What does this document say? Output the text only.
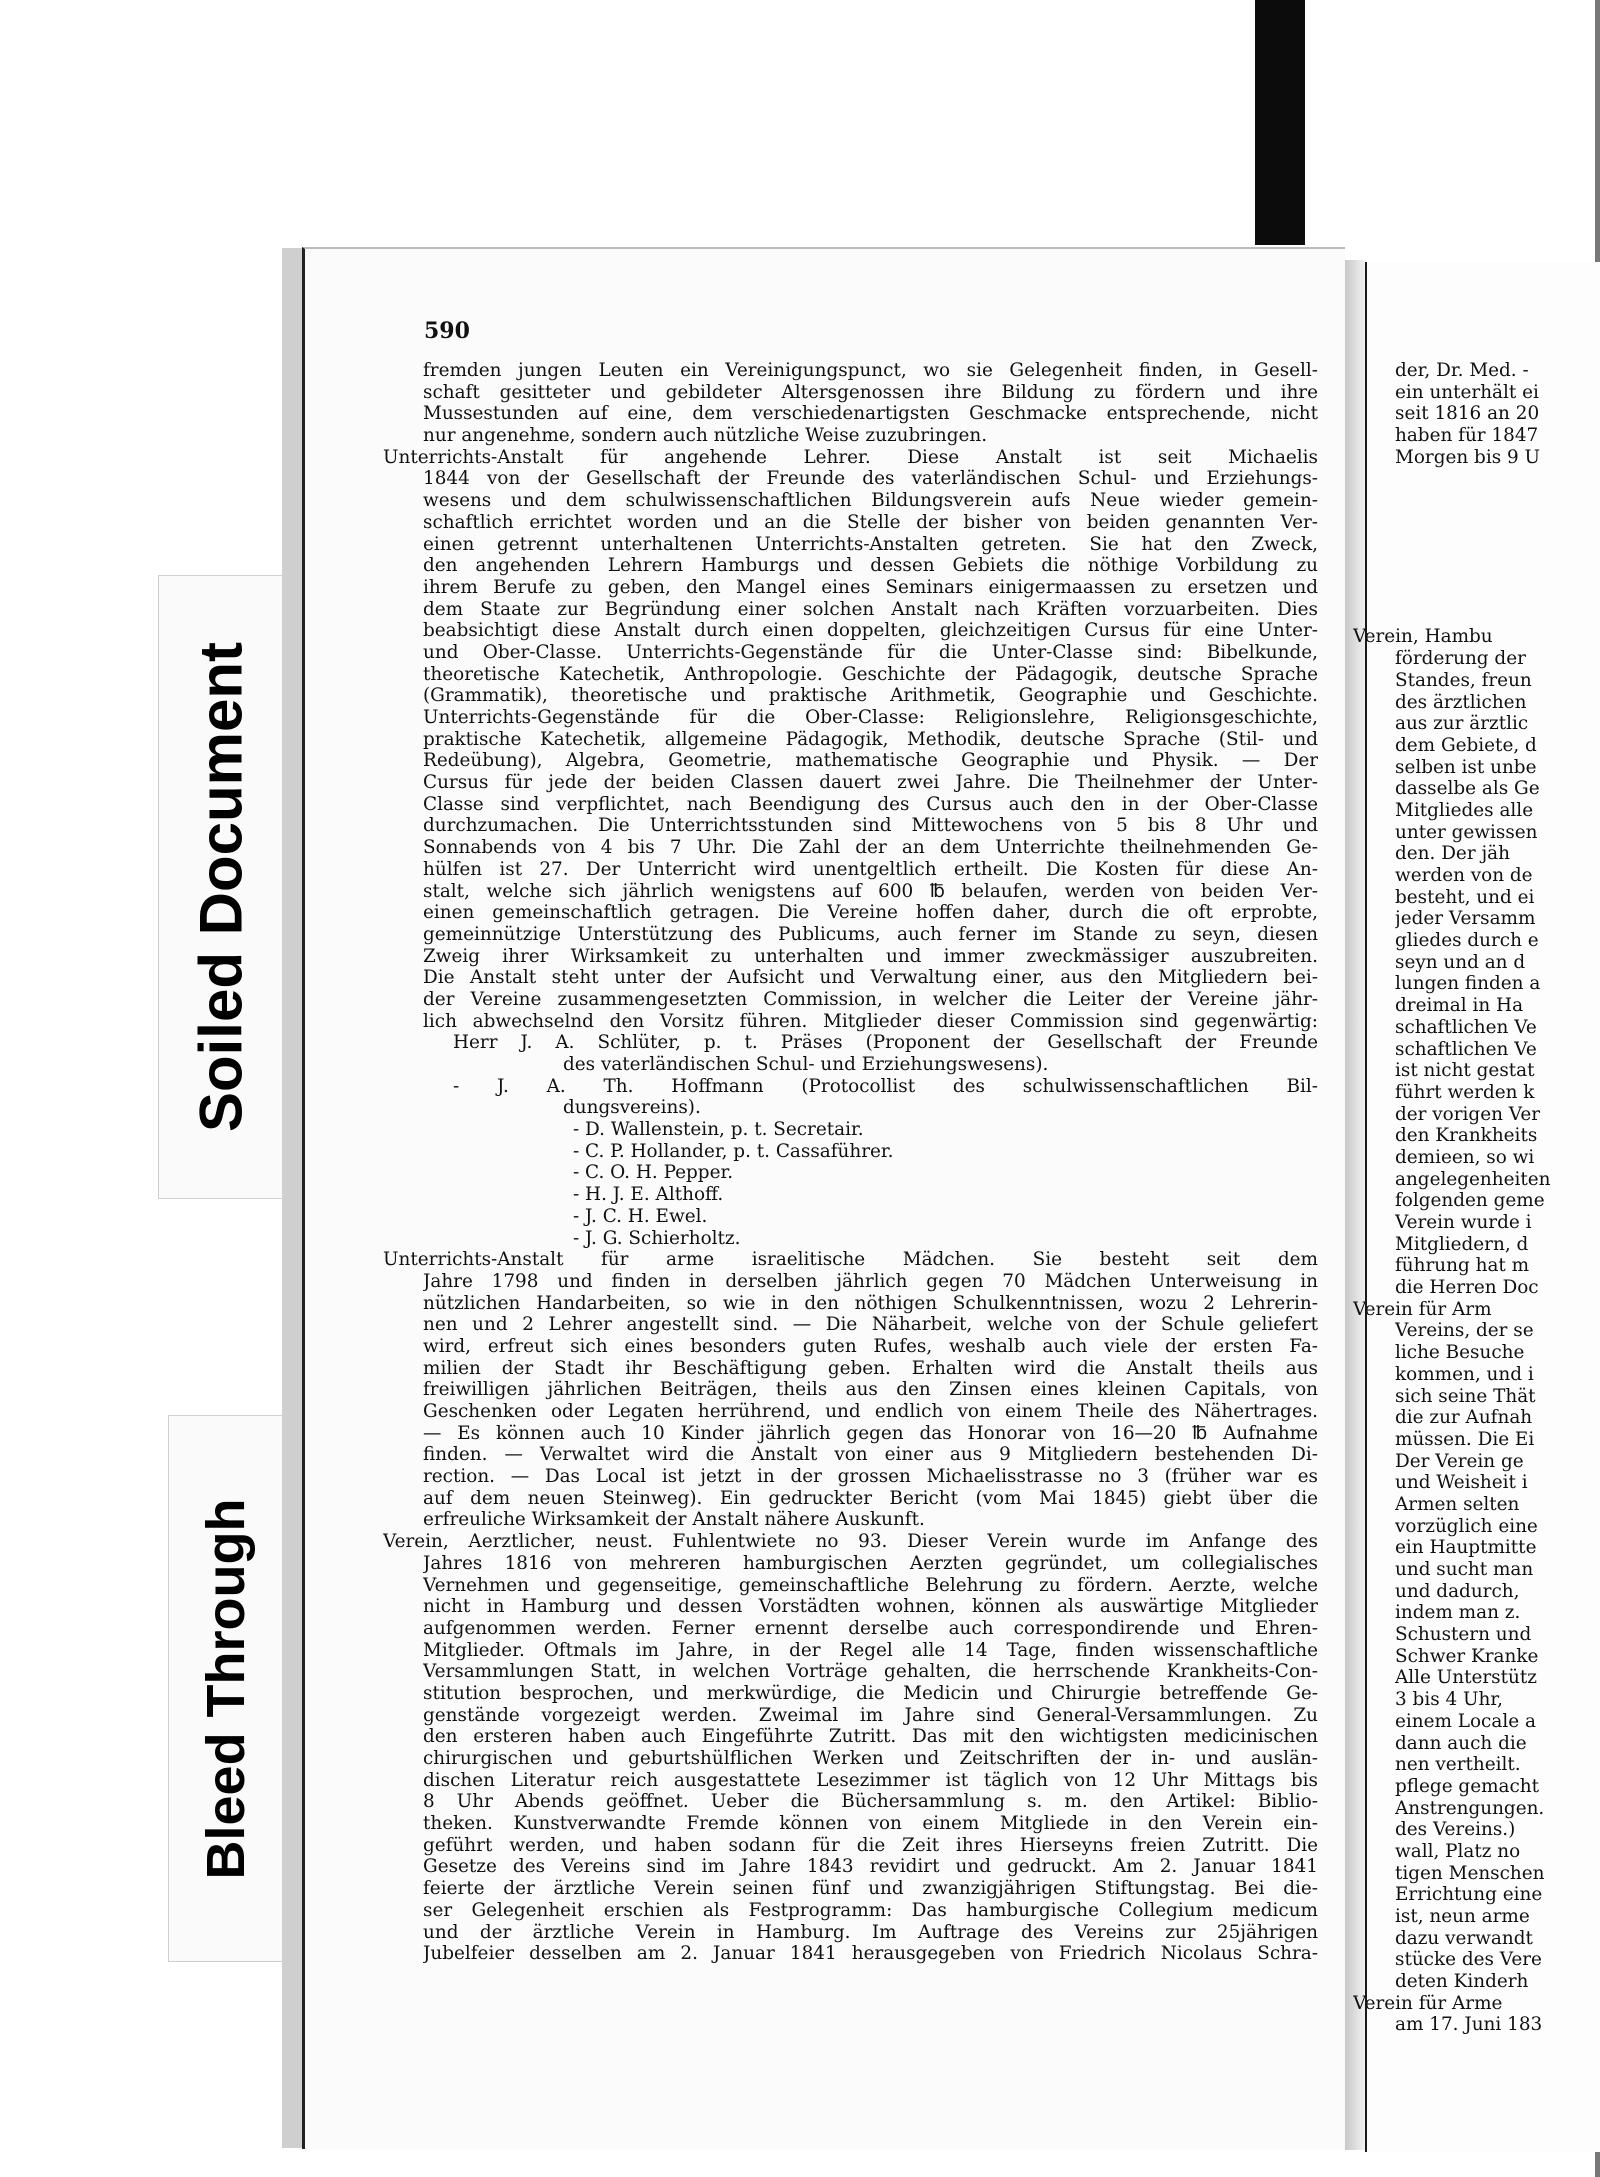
Soiled Document
Bleed Through
590
fremden jungen Leuten ein Vereinigungspunct, wo sie Gelegenheit finden, in Gesell-
schaft gesitteter und gebildeter Altersgenossen ihre Bildung zu fördern und ihre
Mussestunden auf eine, dem verschiedenartigsten Geschmacke entsprechende, nicht
nur angenehme, sondern auch nützliche Weise zuzubringen.
Unterrichts-Anstalt für angehende Lehrer. Diese Anstalt ist seit Michaelis
1844 von der Gesellschaft der Freunde des vaterländischen Schul- und Erziehungs-
wesens und dem schulwissenschaftlichen Bildungsverein aufs Neue wieder gemein-
schaftlich errichtet worden und an die Stelle der bisher von beiden genannten Ver-
einen getrennt unterhaltenen Unterrichts-Anstalten getreten. Sie hat den Zweck,
den angehenden Lehrern Hamburgs und dessen Gebiets die nöthige Vorbildung zu
ihrem Berufe zu geben, den Mangel eines Seminars einigermaassen zu ersetzen und
dem Staate zur Begründung einer solchen Anstalt nach Kräften vorzuarbeiten. Dies
beabsichtigt diese Anstalt durch einen doppelten, gleichzeitigen Cursus für eine Unter-
und Ober-Classe. Unterrichts-Gegenstände für die Unter-Classe sind: Bibelkunde,
theoretische Katechetik, Anthropologie. Geschichte der Pädagogik, deutsche Sprache
(Grammatik), theoretische und praktische Arithmetik, Geographie und Geschichte.
Unterrichts-Gegenstände für die Ober-Classe: Religionslehre, Religionsgeschichte,
praktische Katechetik, allgemeine Pädagogik, Methodik, deutsche Sprache (Stil- und
Redeübung), Algebra, Geometrie, mathematische Geographie und Physik. — Der
Cursus für jede der beiden Classen dauert zwei Jahre. Die Theilnehmer der Unter-
Classe sind verpflichtet, nach Beendigung des Cursus auch den in der Ober-Classe
durchzumachen. Die Unterrichtsstunden sind Mittewochens von 5 bis 8 Uhr und
Sonnabends von 4 bis 7 Uhr. Die Zahl der an dem Unterrichte theilnehmenden Ge-
hülfen ist 27. Der Unterricht wird unentgeltlich ertheilt. Die Kosten für diese An-
stalt, welche sich jährlich wenigstens auf 600 ℔ belaufen, werden von beiden Ver-
einen gemeinschaftlich getragen. Die Vereine hoffen daher, durch die oft erprobte,
gemeinnützige Unterstützung des Publicums, auch ferner im Stande zu seyn, diesen
Zweig ihrer Wirksamkeit zu unterhalten und immer zweckmässiger auszubreiten.
Die Anstalt steht unter der Aufsicht und Verwaltung einer, aus den Mitgliedern bei-
der Vereine zusammengesetzten Commission, in welcher die Leiter der Vereine jähr-
lich abwechselnd den Vorsitz führen. Mitglieder dieser Commission sind gegenwärtig:
Herr J. A. Schlüter, p. t. Präses (Proponent der Gesellschaft der Freunde
des vaterländischen Schul- und Erziehungswesens).
- J. A. Th. Hoffmann (Protocollist des schulwissenschaftlichen Bil-
dungsvereins).
- D. Wallenstein, p. t. Secretair.
- C. P. Hollander, p. t. Cassaführer.
- C. O. H. Pepper.
- H. J. E. Althoff.
- J. C. H. Ewel.
- J. G. Schierholtz.
Unterrichts-Anstalt für arme israelitische Mädchen. Sie besteht seit dem
Jahre 1798 und finden in derselben jährlich gegen 70 Mädchen Unterweisung in
nützlichen Handarbeiten, so wie in den nöthigen Schulkenntnissen, wozu 2 Lehrerin-
nen und 2 Lehrer angestellt sind. — Die Näharbeit, welche von der Schule geliefert
wird, erfreut sich eines besonders guten Rufes, weshalb auch viele der ersten Fa-
milien der Stadt ihr Beschäftigung geben. Erhalten wird die Anstalt theils aus
freiwilligen jährlichen Beiträgen, theils aus den Zinsen eines kleinen Capitals, von
Geschenken oder Legaten herrührend, und endlich von einem Theile des Nähertrages.
— Es können auch 10 Kinder jährlich gegen das Honorar von 16—20 ℔ Aufnahme
finden. — Verwaltet wird die Anstalt von einer aus 9 Mitgliedern bestehenden Di-
rection. — Das Local ist jetzt in der grossen Michaelisstrasse no 3 (früher war es
auf dem neuen Steinweg). Ein gedruckter Bericht (vom Mai 1845) giebt über die
erfreuliche Wirksamkeit der Anstalt nähere Auskunft.
Verein, Aerztlicher, neust. Fuhlentwiete no 93. Dieser Verein wurde im Anfange des
Jahres 1816 von mehreren hamburgischen Aerzten gegründet, um collegialisches
Vernehmen und gegenseitige, gemeinschaftliche Belehrung zu fördern. Aerzte, welche
nicht in Hamburg und dessen Vorstädten wohnen, können als auswärtige Mitglieder
aufgenommen werden. Ferner ernennt derselbe auch correspondirende und Ehren-
Mitglieder. Oftmals im Jahre, in der Regel alle 14 Tage, finden wissenschaftliche
Versammlungen Statt, in welchen Vorträge gehalten, die herrschende Krankheits-Con-
stitution besprochen, und merkwürdige, die Medicin und Chirurgie betreffende Ge-
genstände vorgezeigt werden. Zweimal im Jahre sind General-Versammlungen. Zu
den ersteren haben auch Eingeführte Zutritt. Das mit den wichtigsten medicinischen
chirurgischen und geburtshülflichen Werken und Zeitschriften der in- und auslän-
dischen Literatur reich ausgestattete Lesezimmer ist täglich von 12 Uhr Mittags bis
8 Uhr Abends geöffnet. Ueber die Büchersammlung s. m. den Artikel: Biblio-
theken. Kunstverwandte Fremde können von einem Mitgliede in den Verein ein-
geführt werden, und haben sodann für die Zeit ihres Hierseyns freien Zutritt. Die
Gesetze des Vereins sind im Jahre 1843 revidirt und gedruckt. Am 2. Januar 1841
feierte der ärztliche Verein seinen fünf und zwanzigjährigen Stiftungstag. Bei die-
ser Gelegenheit erschien als Festprogramm: Das hamburgische Collegium medicum
und der ärztliche Verein in Hamburg. Im Auftrage des Vereins zur 25jährigen
Jubelfeier desselben am 2. Januar 1841 herausgegeben von Friedrich Nicolaus Schra-
der, Dr. Med. -
ein unterhält ei
seit 1816 an 20
haben für 1847
Morgen bis 9 U
Verein, Hambu
förderung der
Standes, freun
des ärztlichen
aus zur ärztlic
dem Gebiete, d
selben ist unbe
dasselbe als Ge
Mitgliedes alle
unter gewissen
den. Der jäh
werden von de
besteht, und ei
jeder Versamm
gliedes durch e
seyn und an d
lungen finden a
dreimal in Ha
schaftlichen Ve
schaftlichen Ve
ist nicht gestat
führt werden k
der vorigen Ver
den Krankheits
demieen, so wi
angelegenheiten
folgenden geme
Verein wurde i
Mitgliedern, d
führung hat m
die Herren Doc
Verein für Arm
Vereins, der se
liche Besuche
kommen, und i
sich seine Thät
die zur Aufnah
müssen. Die Ei
Der Verein ge
und Weisheit i
Armen selten
vorzüglich eine
ein Hauptmitte
und sucht man
und dadurch,
indem man z.
Schustern und
Schwer Kranke
Alle Unterstütz
3 bis 4 Uhr,
einem Locale a
dann auch die
nen vertheilt.
pflege gemacht
Anstrengungen.
des Vereins.)
wall, Platz no
tigen Menschen
Errichtung eine
ist, neun arme
dazu verwandt
stücke des Vere
deten Kinderh
Verein für Arme
am 17. Juni 183
